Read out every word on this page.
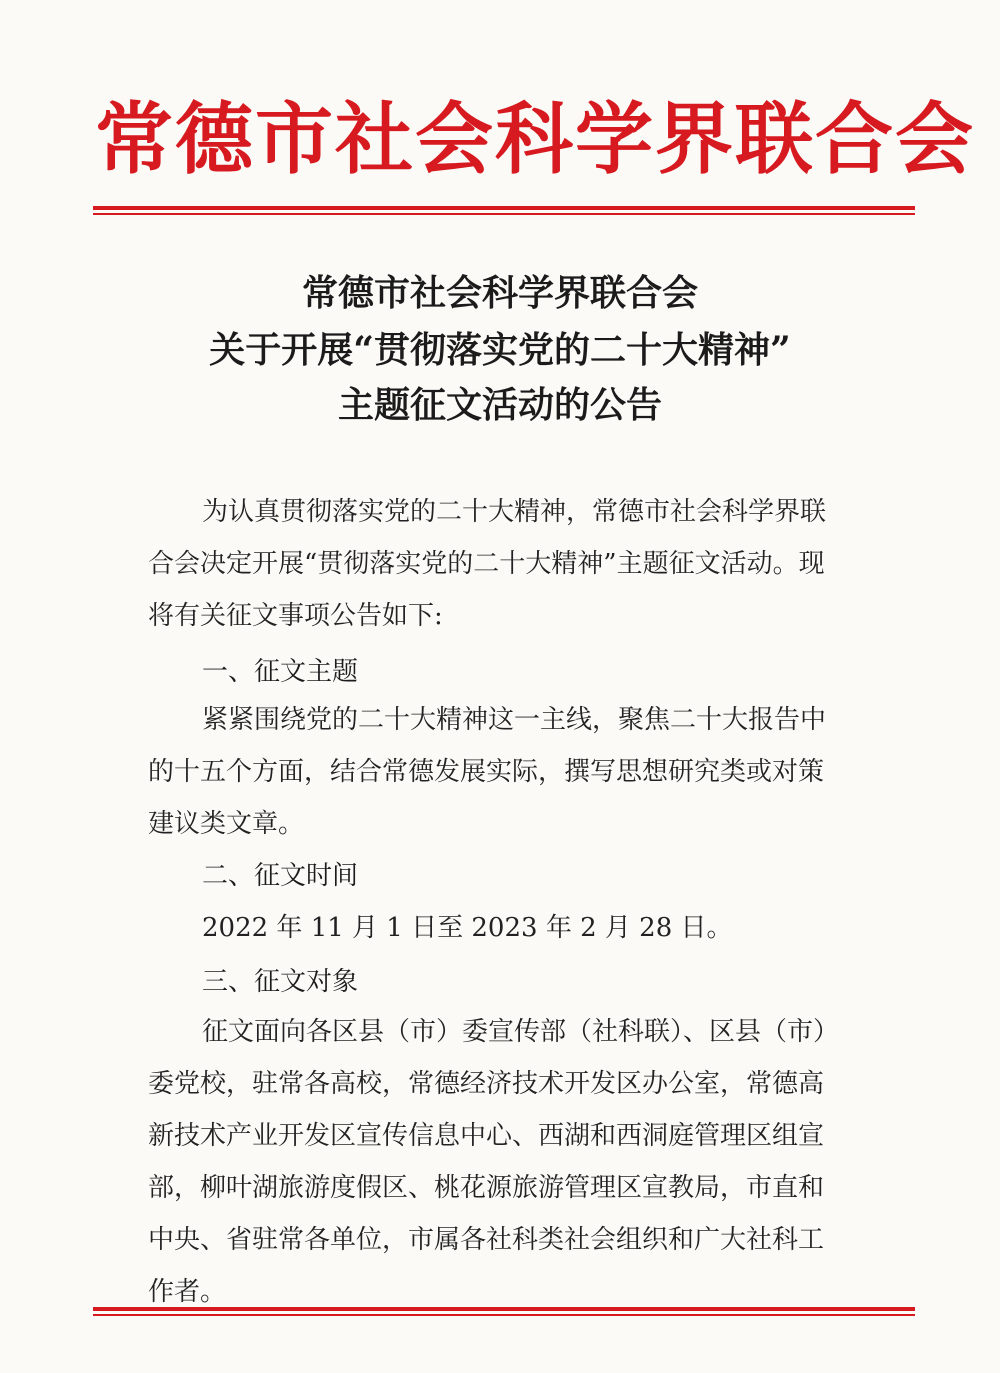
常德市社会科学界联合会
常德市社会科学界联合会
关于开展“贯彻落实党的二十大精神”
主题征文活动的公告
为认真贯彻落实党的二十大精神，常德市社会科学界联
合会决定开展“贯彻落实党的二十大精神”主题征文活动。现
将有关征文事项公告如下:
一、征文主题
紧紧围绕党的二十大精神这一主线，聚焦二十大报告中
的十五个方面，结合常德发展实际，撰写思想研究类或对策
建议类文章。
二、征文时间
2022 年 11 月 1 日至 2023 年 2 月 28 日。
三、征文对象
征文面向各区县（市）委宣传部（社科联）、区县（市）
委党校，驻常各高校，常德经济技术开发区办公室，常德高
新技术产业开发区宣传信息中心、西湖和西洞庭管理区组宣
部，柳叶湖旅游度假区、桃花源旅游管理区宣教局，市直和
中央、省驻常各单位，市属各社科类社会组织和广大社科工
作者。
